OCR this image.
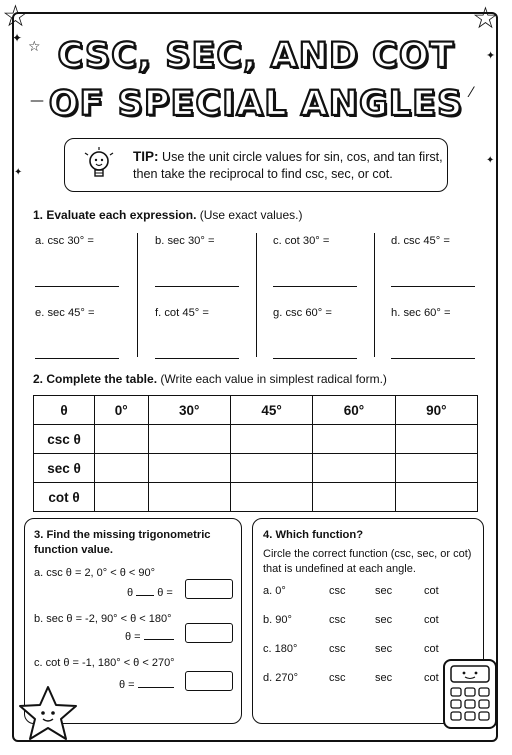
☆	☆
☆
✦
✦
⁄
—
✦
✦
CSC, SEC, AND COT
OF SPECIAL ANGLES
TIP: Use the unit circle values for sin, cos, and tan first, then take the reciprocal to find csc, sec, or cot.
1. Evaluate each expression. (Use exact values.)
a. csc 30° =	b. sec 30° =	c. cot 30° =	d. csc 45° =
e. sec 45° =	f. cot 45° =	g. csc 60° =	h. sec 60° =
2. Complete the table. (Write each value in simplest radical form.)
θ	0°	30°	45°	60°	90°
csc θ					
sec θ					
cot θ					
3. Find the missing trigonometric
function value.
a. csc θ = 2, 0° < θ < 90°
θ θ =
b. sec θ = -2, 90° < θ < 180°
θ =
c. cot θ = -1, 180° < θ < 270°
θ =
4. Which function?
Circle the correct function (csc, sec, or cot)
that is undefined at each angle.
a. 0°	csc	sec	cot
b. 90°	csc	sec	cot
c. 180°	csc	sec	cot
d. 270°	csc	sec	cot
